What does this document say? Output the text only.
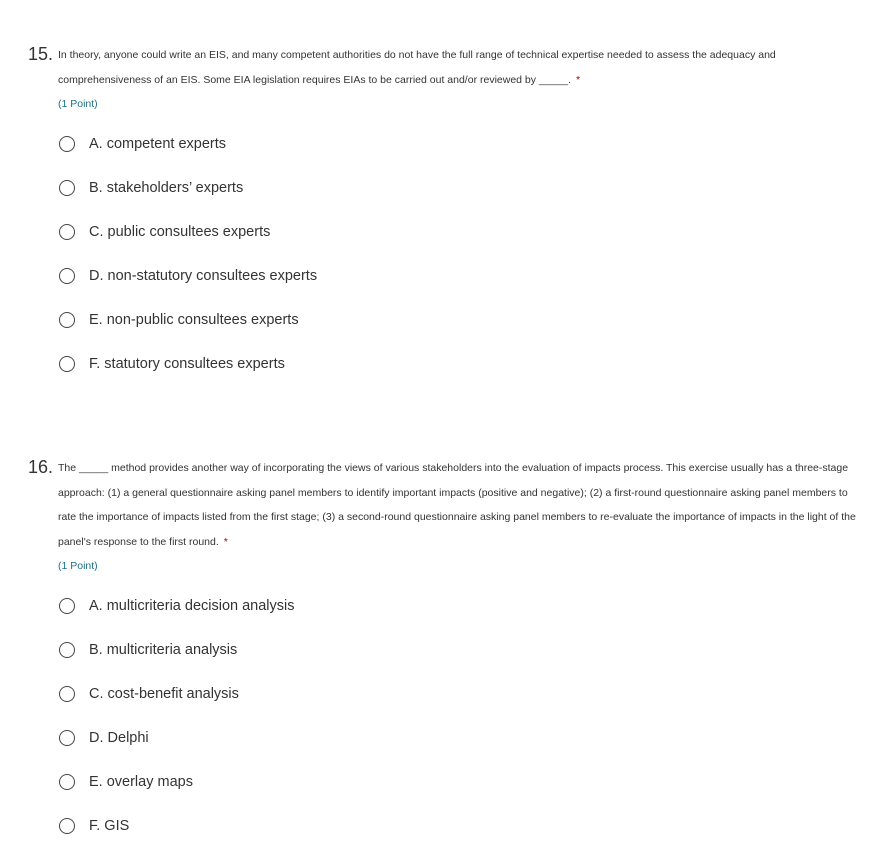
15. In theory, anyone could write an EIS, and many competent authorities do not have the full range of technical expertise needed to assess the adequacy and comprehensiveness of an EIS. Some EIA legislation requires EIAs to be carried out and/or reviewed by _____. *
(1 Point)
A. competent experts
B. stakeholders’ experts
C. public consultees experts
D. non-statutory consultees experts
E. non-public consultees experts
F. statutory consultees experts
16. The _____ method provides another way of incorporating the views of various stakeholders into the evaluation of impacts process. This exercise usually has a three-stage approach: (1) a general questionnaire asking panel members to identify important impacts (positive and negative); (2) a first-round questionnaire asking panel members to rate the importance of impacts listed from the first stage; (3) a second-round questionnaire asking panel members to re-evaluate the importance of impacts in the light of the panel's response to the first round. *
(1 Point)
A. multicriteria decision analysis
B. multicriteria analysis
C. cost-benefit analysis
D. Delphi
E. overlay maps
F. GIS
